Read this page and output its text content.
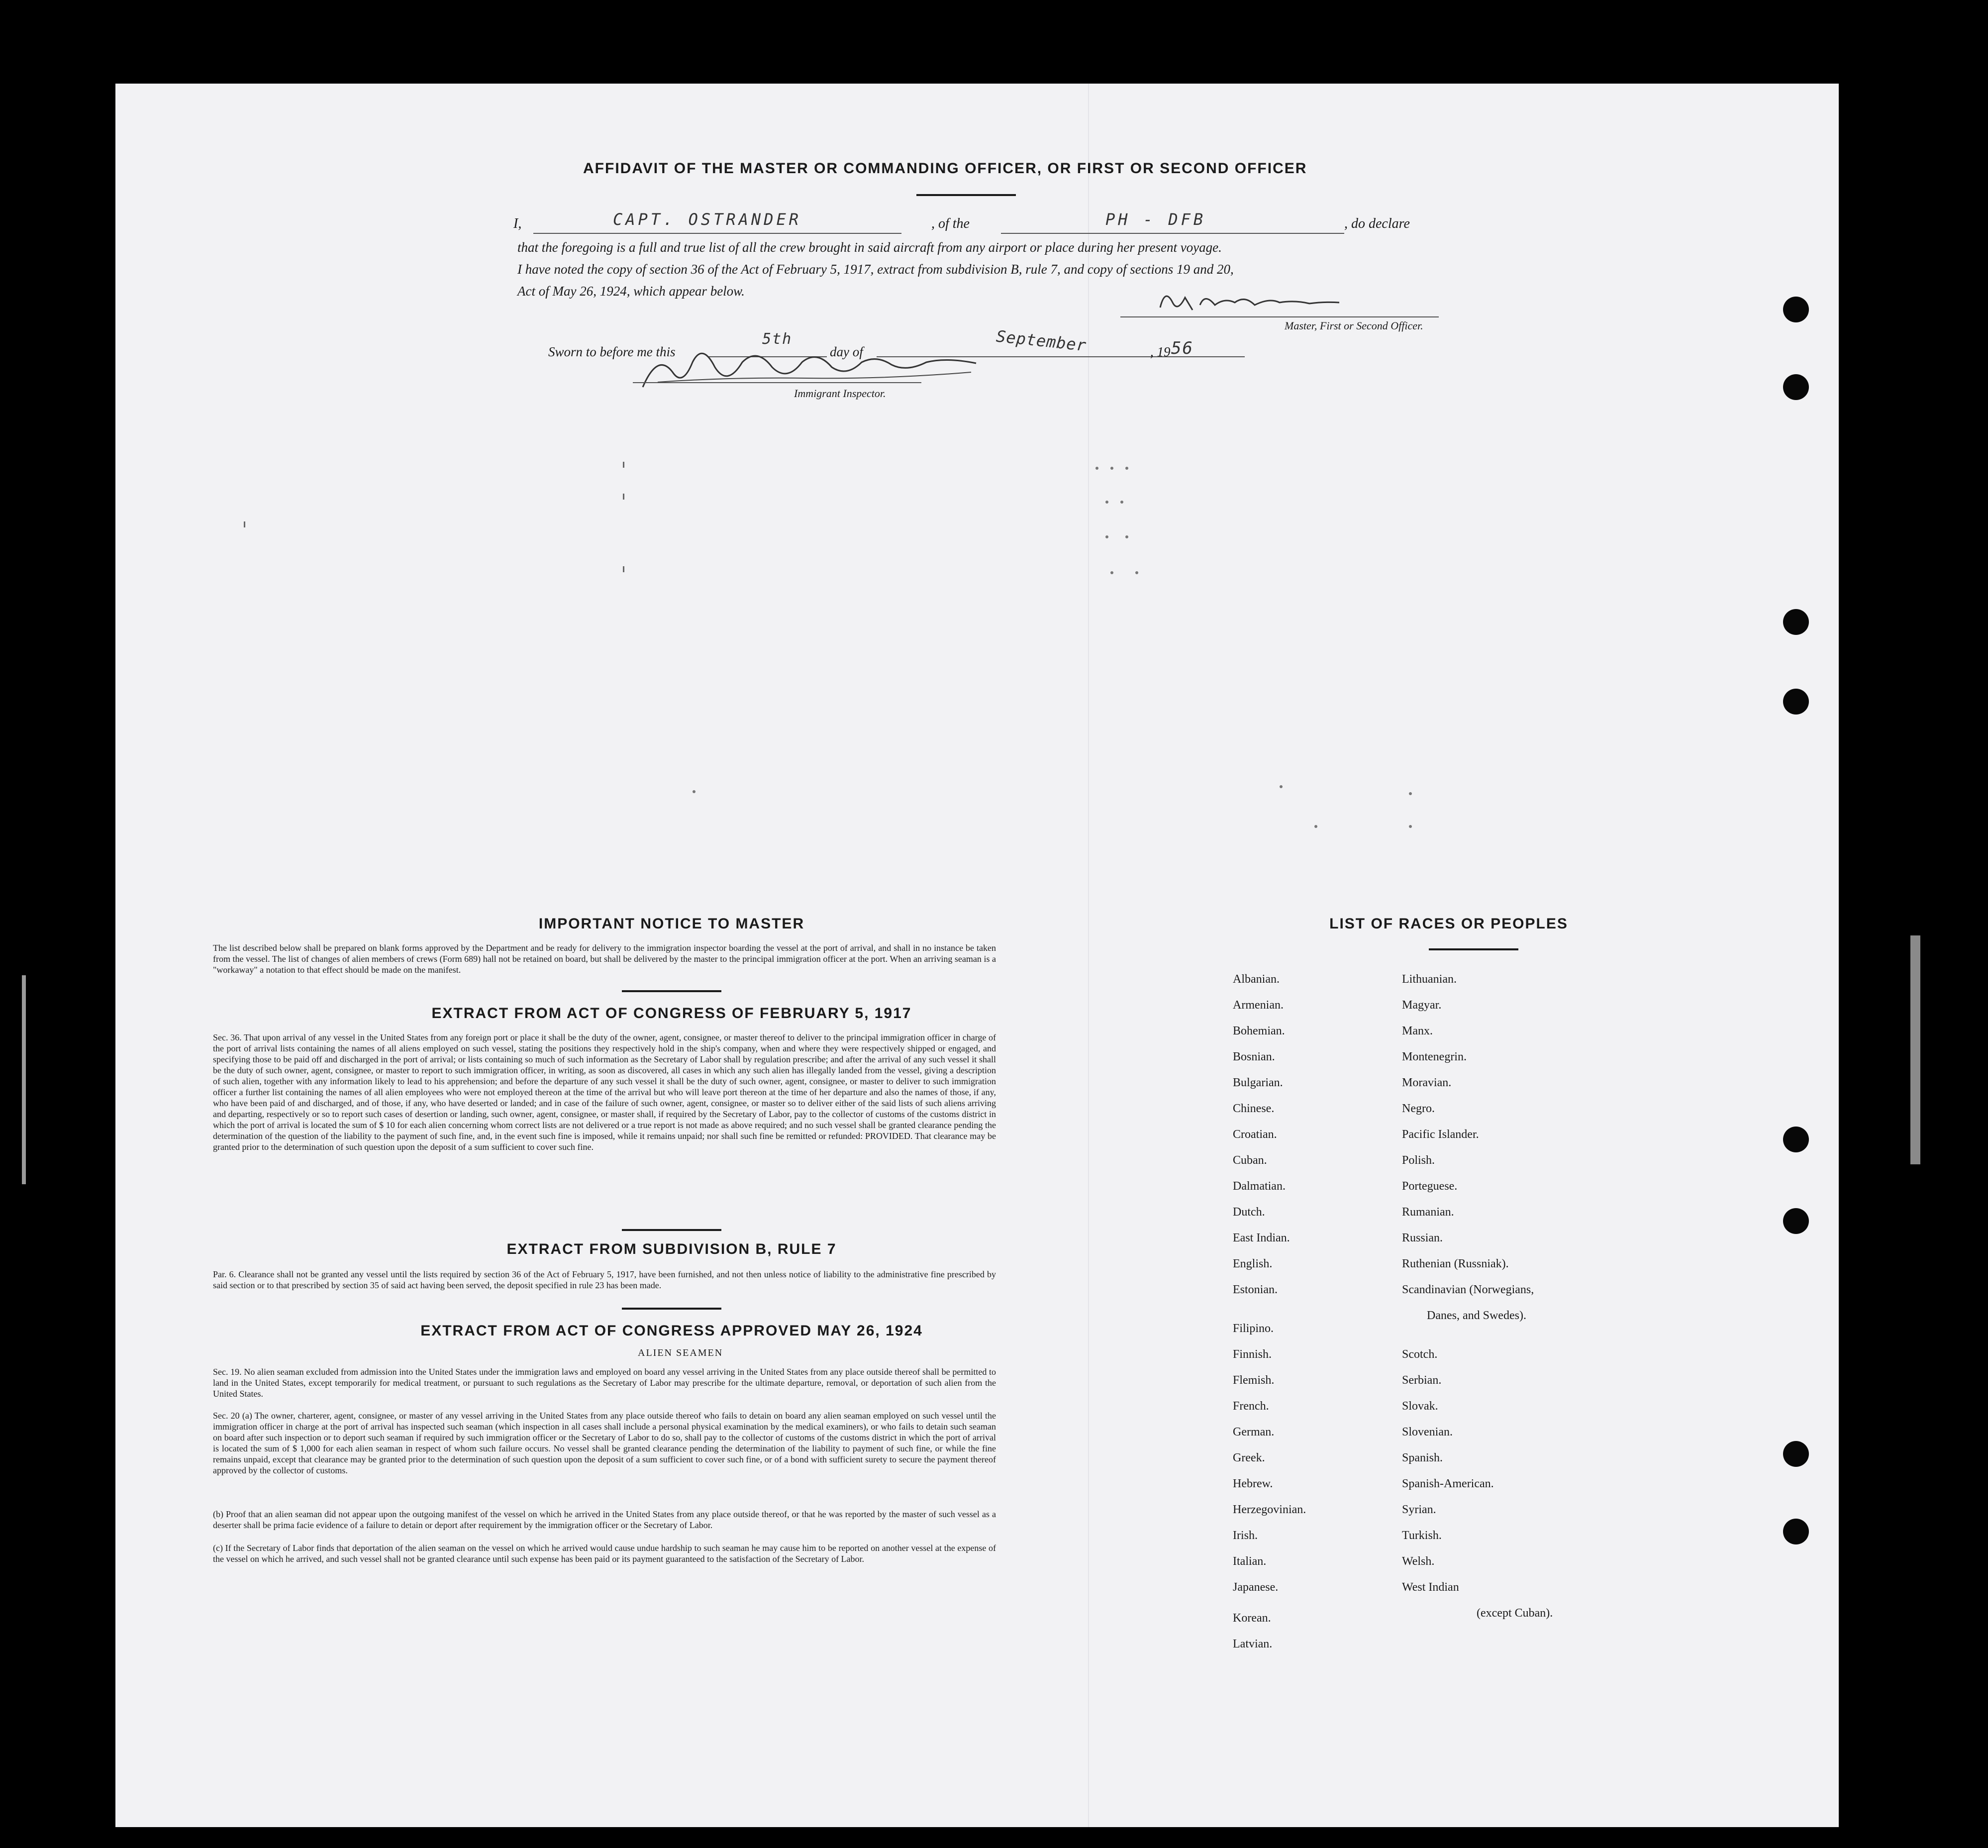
AFFIDAVIT OF THE MASTER OR COMMANDING OFFICER, OR FIRST OR SECOND OFFICER
I,	CAPT. OSTRANDER	, of the	PH - DFB	, do declare
that the foregoing is a full and true list of all the crew brought in said aircraft from any airport or place during her present voyage.
I have noted the copy of section 36 of the Act of February 5, 1917, extract from subdivision B, rule 7, and copy of sections 19 and 20,
Act of May 26, 1924, which appear below.
Master, First or Second Officer.
Sworn to before me this
5th
day of	September	, 19 56
Immigrant Inspector.
IMPORTANT NOTICE TO MASTER

The list described below shall be prepared on blank forms approved by the Department and be ready for delivery to the immigration inspector boarding the vessel at the port of arrival, and shall in no instance be taken from the vessel. The list of changes of alien members of crews (Form 689) hall not be retained on board, but shall be delivered by the master to the principal immigration officer at the port. When an arriving seaman is a "workaway" a notation to that effect should be made on the manifest.

EXTRACT FROM ACT OF CONGRESS OF FEBRUARY 5, 1917

Sec. 36. That upon arrival of any vessel in the United States from any foreign port or place it shall be the duty of the owner, agent, consignee, or master thereof to deliver to the principal immigration officer in charge of the port of arrival lists containing the names of all aliens employed on such vessel, stating the positions they respectively hold in the ship's company, when and where they were respectively shipped or engaged, and specifying those to be paid off and discharged in the port of arrival; or lists containing so much of such information as the Secretary of Labor shall by regulation prescribe; and after the arrival of any such vessel it shall be the duty of such owner, agent, consignee, or master to report to such immigration officer, in writing, as soon as discovered, all cases in which any such alien has illegally landed from the vessel, giving a description of such alien, together with any information likely to lead to his apprehension; and before the departure of any such vessel it shall be the duty of such owner, agent, consignee, or master to deliver to such immigration officer a further list containing the names of all alien employees who were not employed thereon at the time of the arrival but who will leave port thereon at the time of her departure and also the names of those, if any, who have been paid of and discharged, and of those, if any, who have deserted or landed; and in case of the failure of such owner, agent, consignee, or master so to deliver either of the said lists of such aliens arriving and departing, respectively or so to report such cases of desertion or landing, such owner, agent, consignee, or master shall, if required by the Secretary of Labor, pay to the collector of customs of the customs district in which the port of arrival is located the sum of $ 10 for each alien concerning whom correct lists are not delivered or a true report is not made as above required; and no such vessel shall be granted clearance pending the determination of the question of the liability to the payment of such fine, and, in the event such fine is imposed, while it remains unpaid; nor shall such fine be remitted or refunded: PROVIDED. That clearance may be granted prior to the determination of such question upon the deposit of a sum sufficient to cover such fine.

EXTRACT FROM SUBDIVISION B, RULE 7

Par. 6. Clearance shall not be granted any vessel until the lists required by section 36 of the Act of February 5, 1917, have been furnished, and not then unless notice of liability to the administrative fine prescribed by said section or to that prescribed by section 35 of said act having been served, the deposit specified in rule 23 has been made.

EXTRACT FROM ACT OF CONGRESS APPROVED MAY 26, 1924
ALIEN SEAMEN

Sec. 19. No alien seaman excluded from admission into the United States under the immigration laws and employed on board any vessel arriving in the United States from any place outside thereof shall be permitted to land in the United States, except temporarily for medical treatment, or pursuant to such regulations as the Secretary of Labor may prescribe for the ultimate departure, removal, or deportation of such alien from the United States.

Sec. 20 (a) The owner, charterer, agent, consignee, or master of any vessel arriving in the United States from any place outside thereof who fails to detain on board any alien seaman employed on such vessel until the immigration officer in charge at the port of arrival has inspected such seaman (which inspection in all cases shall include a personal physical examination by the medical examiners), or who fails to detain such seaman on board after such inspection or to deport such seaman if required by such immigration officer or the Secretary of Labor to do so, shall pay to the collector of customs of the customs district in which the port of arrival is located the sum of $ 1,000 for each alien seaman in respect of whom such failure occurs. No vessel shall be granted clearance pending the determination of the liability to payment of such fine, or while the fine remains unpaid, except that clearance may be granted prior to the determination of such question upon the deposit of a sum sufficient to cover such fine, or of a bond with sufficient surety to secure the payment thereof approved by the collector of customs.

(b) Proof that an alien seaman did not appear upon the outgoing manifest of the vessel on which he arrived in the United States from any place outside thereof, or that he was reported by the master of such vessel as a deserter shall be prima facie evidence of a failure to detain or deport after requirement by the immigration officer or the Secretary of Labor.

(c) If the Secretary of Labor finds that deportation of the alien seaman on the vessel on which he arrived would cause undue hardship to such seaman he may cause him to be reported on another vessel at the expense of the vessel on which he arrived, and such vessel shall not be granted clearance until such expense has been paid or its payment guaranteed to the satisfaction of the Secretary of Labor.

LIST OF RACES OR PEOPLES
Albanian.
Armenian.
Bohemian.
Bosnian.
Bulgarian.
Chinese.
Croatian.
Cuban.
Dalmatian.
Dutch.
East Indian.
English.
Estonian.
Filipino.
Finnish.
Flemish.
French.
German.
Greek.
Hebrew.
Herzegovinian.
Irish.
Italian.
Japanese.
Korean.
Latvian.
Lithuanian.
Magyar.
Manx.
Montenegrin.
Moravian.
Negro.
Pacific Islander.
Polish.
Porteguese.
Rumanian.
Russian.
Ruthenian (Russniak).
Scandinavian (Norwegians,
Danes, and Swedes).
Scotch.
Serbian.
Slovak.
Slovenian.
Spanish.
Spanish-American.
Syrian.
Turkish.
Welsh.
West Indian
(except Cuban).
